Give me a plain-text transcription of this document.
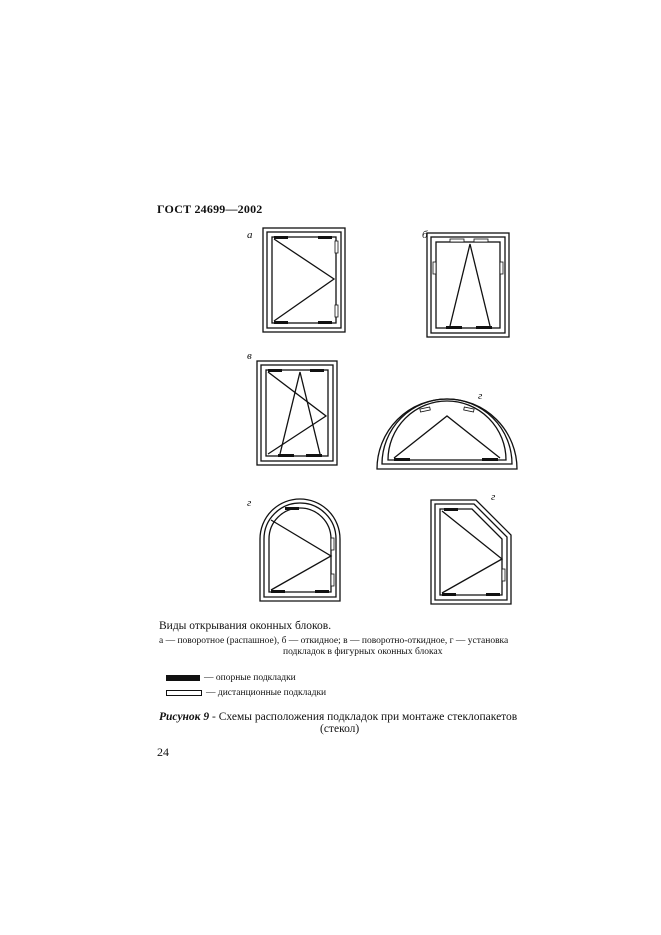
ГОСТ 24699—2002
а	б
в
г
г	г
Виды открывания оконных блоков.
а — поворотное (распашное), б — откидное; в — поворотно-откидное, г — установка
подкладок в фигурных оконных блоках
— опорные подкладки
— дистанционные подкладки
Рисунок 9 - Схемы расположения подкладок при монтаже стеклопакетов
(стекол)
24
